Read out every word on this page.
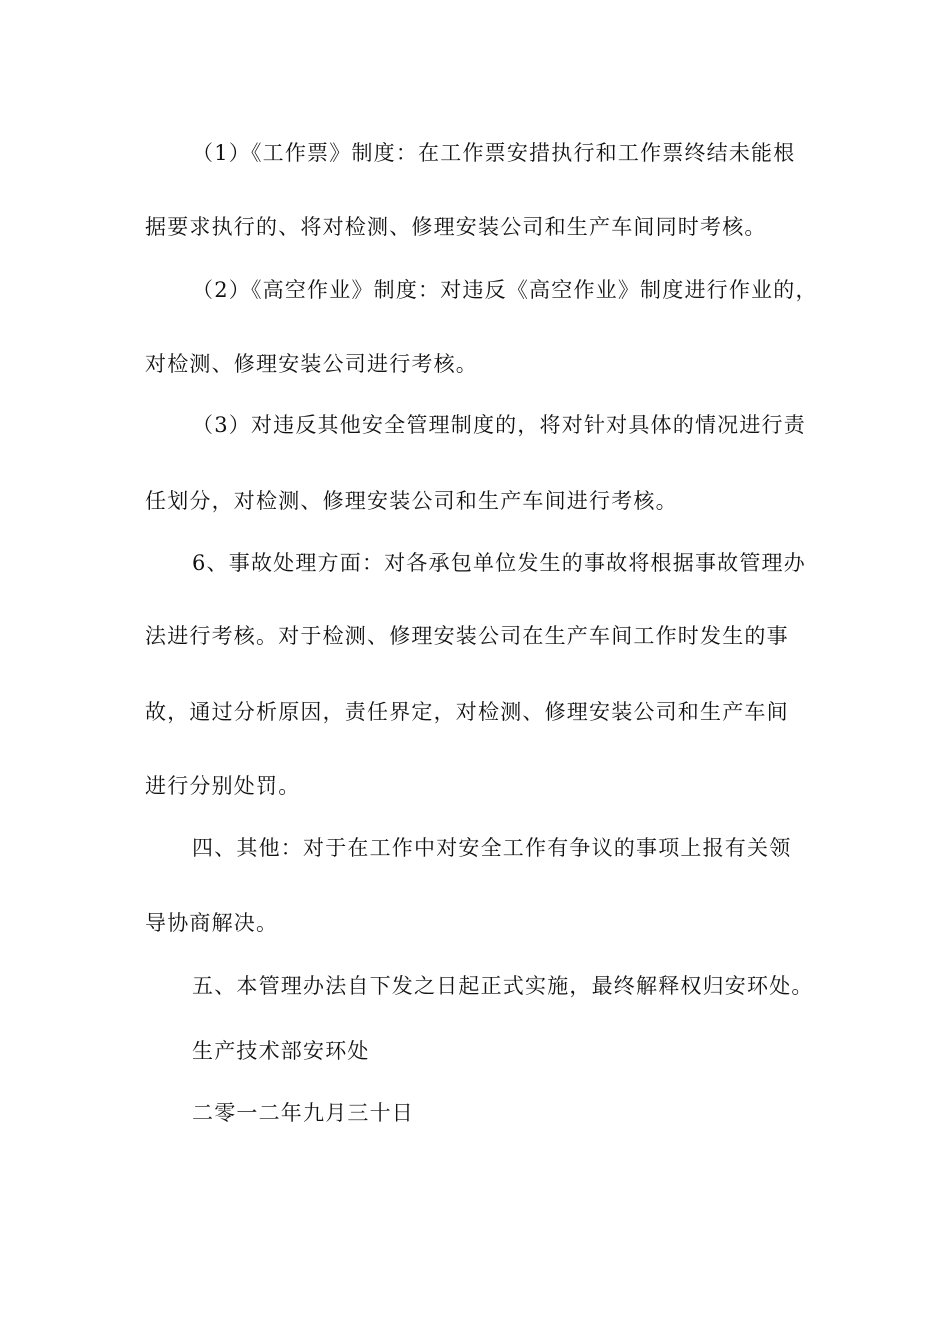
（1）《工作票》制度：在工作票安措执行和工作票终结未能根
据要求执行的、将对检测、修理安装公司和生产车间同时考核。
（2）《高空作业》制度：对违反《高空作业》制度进行作业的，
对检测、修理安装公司进行考核。
（3）对违反其他安全管理制度的，将对针对具体的情况进行责
任划分，对检测、修理安装公司和生产车间进行考核。
6、事故处理方面：对各承包单位发生的事故将根据事故管理办
法进行考核。对于检测、修理安装公司在生产车间工作时发生的事
故，通过分析原因，责任界定，对检测、修理安装公司和生产车间
进行分别处罚。
四、其他：对于在工作中对安全工作有争议的事项上报有关领
导协商解决。
五、本管理办法自下发之日起正式实施，最终解释权归安环处。
生产技术部安环处
二零一二年九月三十日
